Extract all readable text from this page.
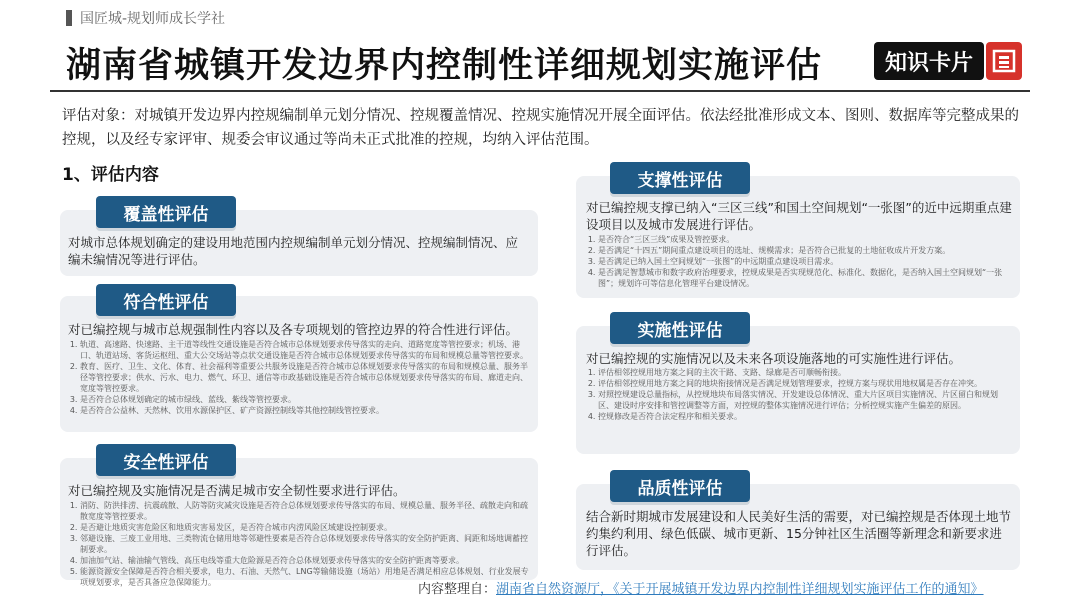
国匠城-规划师成长学社
湖南省城镇开发边界内控制性详细规划实施评估	知识卡片
评估对象：对城镇开发边界内控规编制单元划分情况、控规覆盖情况、控规实施情况开展全面评估。依法经批准形成文本、图则、数据库等完整成果的控规，以及经专家评审、规委会审议通过等尚未正式批准的控规，均纳入评估范围。
1、评估内容
覆盖性评估
对城市总体规划确定的建设用地范围内控规编制单元划分情况、控规编制情况、应编未编情况等进行评估。
符合性评估
对已编控规与城市总规强制性内容以及各专项规划的管控边界的符合性进行评估。
1. 轨道、高速路、快速路、主干道等线性交通设施是否符合城市总体规划要求传导落实的走向、道路宽度等管控要求；机场、港口、轨道站场、客货运枢纽、重大公交场站等点状交通设施是否符合城市总体规划要求传导落实的布局和规模总量等管控要求。
2. 教育、医疗、卫生、文化、体育、社会福利等重要公共服务设施是否符合城市总体规划要求传导落实的布局和规模总量、服务半径等管控要求；供水、污水、电力、燃气、环卫、通信等市政基础设施是否符合城市总体规划要求传导落实的布局、廊道走向、宽度等管控要求。
3. 是否符合总体规划确定的城市绿线、蓝线、紫线等管控要求。
4. 是否符合公益林、天然林、饮用水源保护区、矿产资源控制线等其他控制线管控要求。
安全性评估
对已编控规及实施情况是否满足城市安全韧性要求进行评估。
1. 消防、防洪排涝、抗震疏散、人防等防灾减灾设施是否符合总体规划要求传导落实的布局、规模总量、服务半径、疏散走向和疏散宽度等管控要求。
2. 是否避让地质灾害危险区和地质灾害易发区，是否符合城市内涝风险区域建设控制要求。
3. 邻避设施、三废工业用地、三类物流仓储用地等邻避性要素是否符合总体规划要求传导落实的安全防护距离、间距和场地调蓄控制要求。
4. 加油加气站、输油输气管线、高压电线等重大危险源是否符合总体规划要求传导落实的安全防护距离等要求。
5. 能源资源安全保障是否符合相关要求，电力、石油、天然气、LNG等输储设施（场站）用地是否满足相应总体规划、行业发展专项规划要求，是否具备应急保障能力。
支撑性评估
对已编控规支撑已纳入“三区三线”和国土空间规划“一张图”的近中远期重点建设项目以及城市发展进行评估。
1. 是否符合“三区三线”成果及管控要求。
2. 是否满足“十四五”期间重点建设项目的选址、规模需求；是否符合已批复的土地征收成片开发方案。
3. 是否满足已纳入国土空间规划“一张图”的中远期重点建设项目需求。
4. 是否满足智慧城市和数字政府治理要求，控规成果是否实现规范化、标准化、数据化，是否纳入国土空间规划“一张图”；规划许可等信息化管理平台建设情况。
实施性评估
对已编控规的实施情况以及未来各项设施落地的可实施性进行评估。
1. 评估相邻控规用地方案之间的主次干路、支路、绿廊是否可顺畅衔接。
2. 评估相邻控规用地方案之间的地块衔接情况是否满足规划管理要求，控规方案与现状用地权属是否存在冲突。
3. 对照控规建设总量指标，从控规地块布局落实情况、开发建设总体情况、重大片区项目实施情况、片区留白和规划区、建设时序安排和管控调整等方面，对控规的整体实施情况进行评估；分析控规实施产生偏差的原因。
4. 控规修改是否符合法定程序和相关要求。
品质性评估
结合新时期城市发展建设和人民美好生活的需要，对已编控规是否体现土地节约集约利用、绿色低碳、城市更新、15分钟社区生活圈等新理念和新要求进行评估。
内容整理自：湖南省自然资源厅，《关于开展城镇开发边界内控制性详细规划实施评估工作的通知》
